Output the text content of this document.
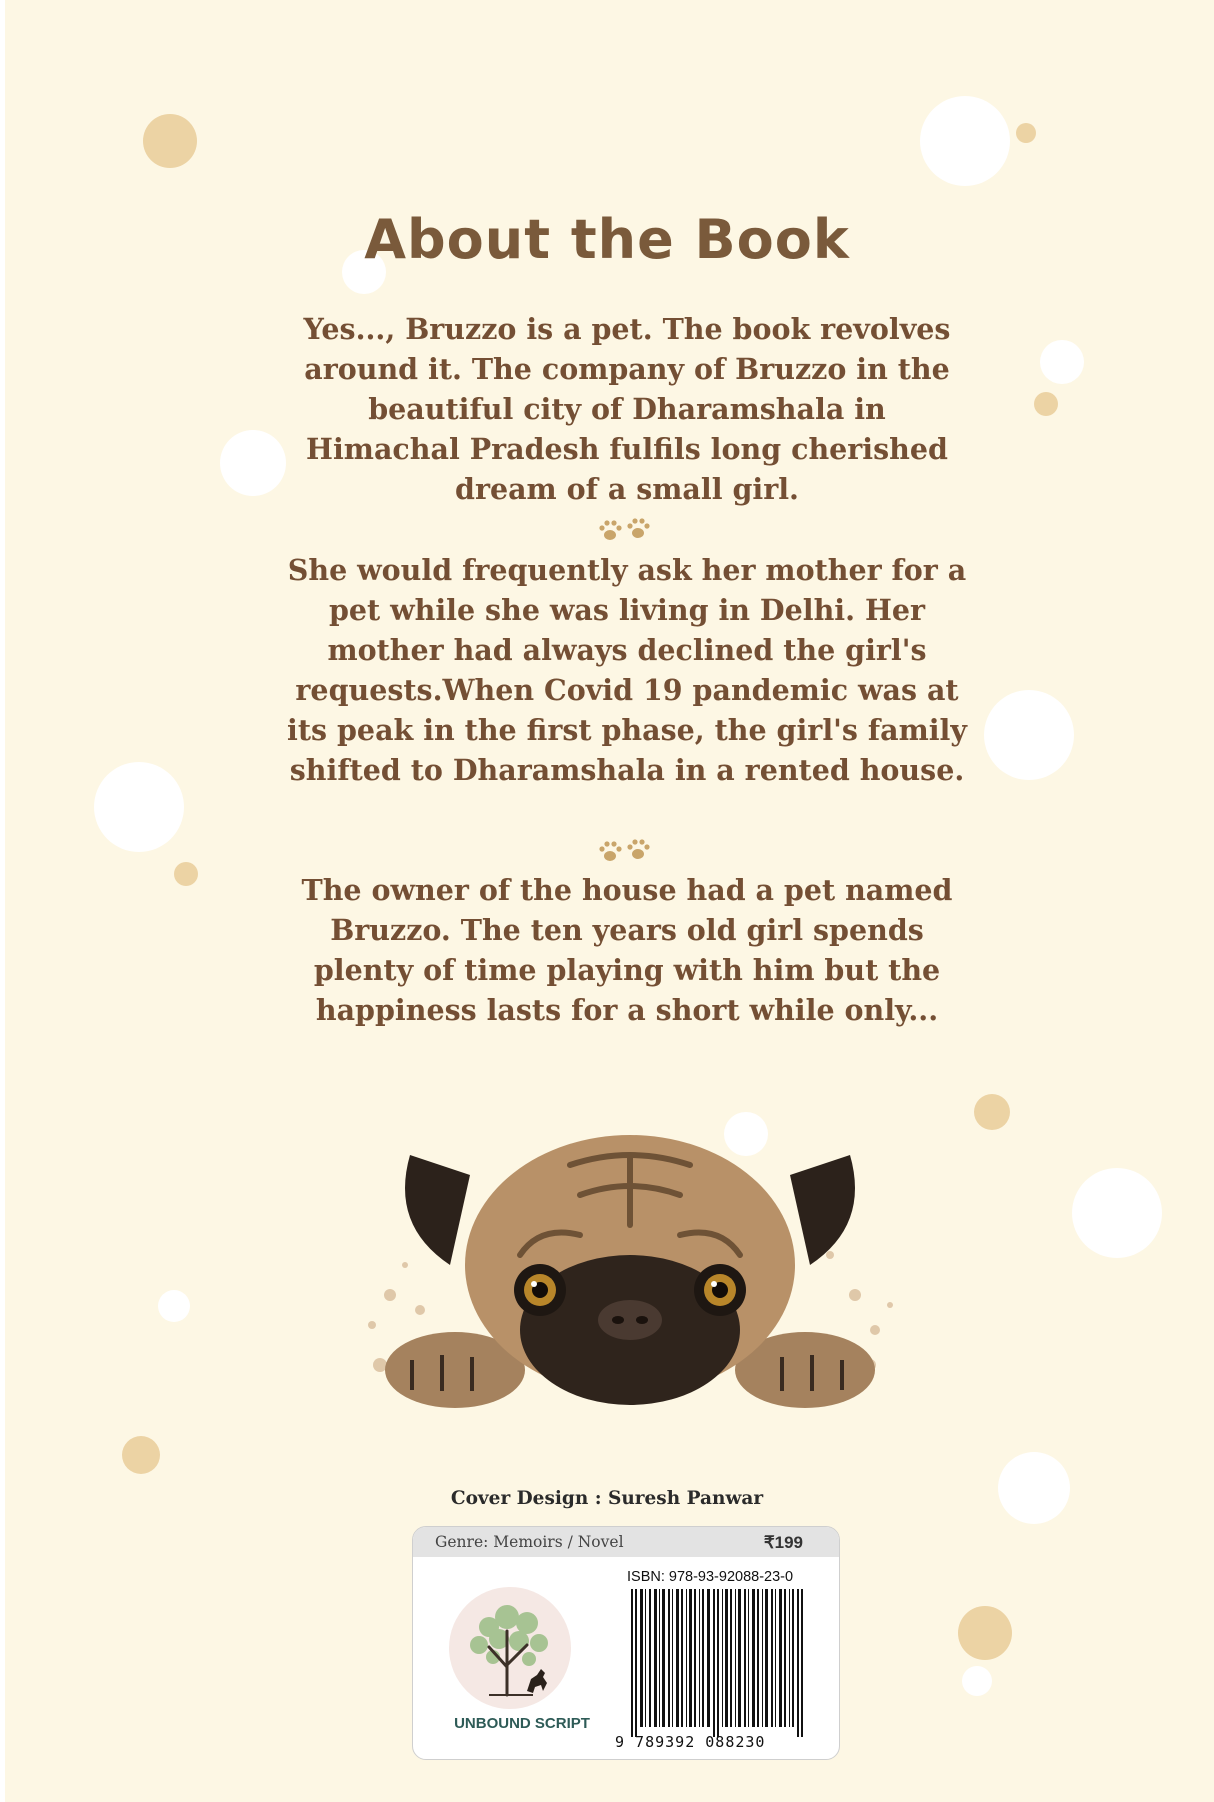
About the Book
Yes..., Bruzzo is a pet. The book revolves around it. The company of Bruzzo in the beautiful city of Dharamshala in Himachal Pradesh fulfils long cherished dream of a small girl.
She would frequently ask her mother for a pet while she was living in Delhi. Her mother had always declined the girl's requests.When Covid 19 pandemic was at its peak in the first phase, the girl's family shifted to Dharamshala in a rented house.
The owner of the house had a pet named Bruzzo. The ten years old girl spends plenty of time playing with him but the happiness lasts for a short while only...
Cover Design : Suresh Panwar
Genre: Memoirs / Novel	₹199
UNBOUND SCRIPT
ISBN: 978-93-92088-23-0
9 789392 088230
